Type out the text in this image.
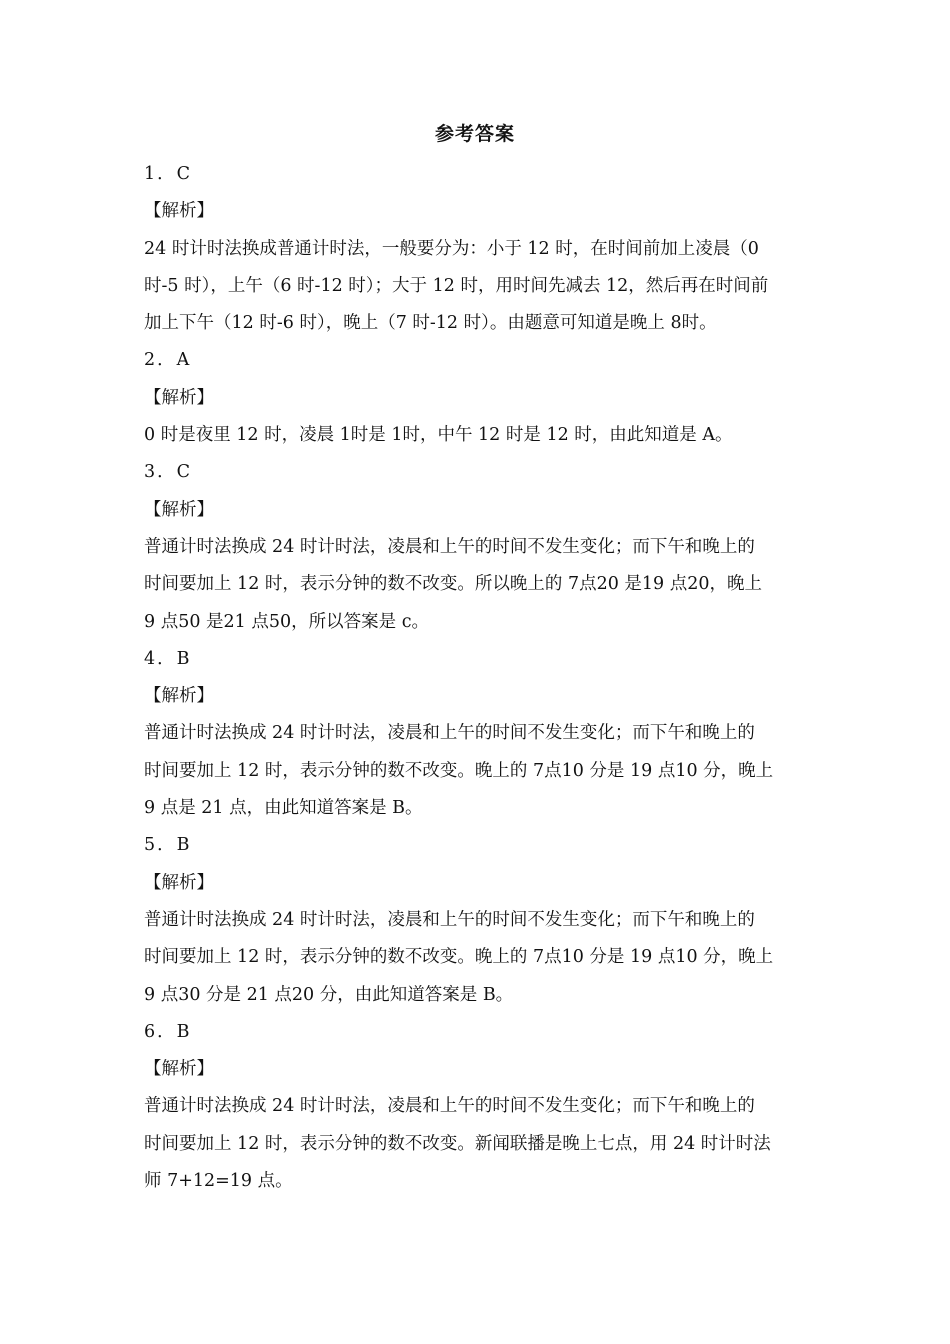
参考答案
1．C
【解析】
24 时计时法换成普通计时法，一般要分为：小于 12 时，在时间前加上凌晨（0
时-5 时），上午（6 时-12 时）；大于 12 时，用时间先减去 12，然后再在时间前
加上下午（12 时-6 时），晚上（7 时-12 时）。由题意可知道是晚上 8时。
2．A
【解析】
0 时是夜里 12 时，凌晨 1时是 1时，中午 12 时是 12 时，由此知道是 A。
3．C
【解析】
普通计时法换成 24 时计时法，凌晨和上午的时间不发生变化；而下午和晚上的
时间要加上 12 时，表示分钟的数不改变。所以晚上的 7点20 是19 点20，晚上
9 点50 是21 点50，所以答案是 c。
4．B
【解析】
普通计时法换成 24 时计时法，凌晨和上午的时间不发生变化；而下午和晚上的
时间要加上 12 时，表示分钟的数不改变。晚上的 7点10 分是 19 点10 分，晚上
9 点是 21 点，由此知道答案是 B。
5．B
【解析】
普通计时法换成 24 时计时法，凌晨和上午的时间不发生变化；而下午和晚上的
时间要加上 12 时，表示分钟的数不改变。晚上的 7点10 分是 19 点10 分，晚上
9 点30 分是 21 点20 分，由此知道答案是 B。
6．B
【解析】
普通计时法换成 24 时计时法，凌晨和上午的时间不发生变化；而下午和晚上的
时间要加上 12 时，表示分钟的数不改变。新闻联播是晚上七点，用 24 时计时法
师 7+12=19 点。
